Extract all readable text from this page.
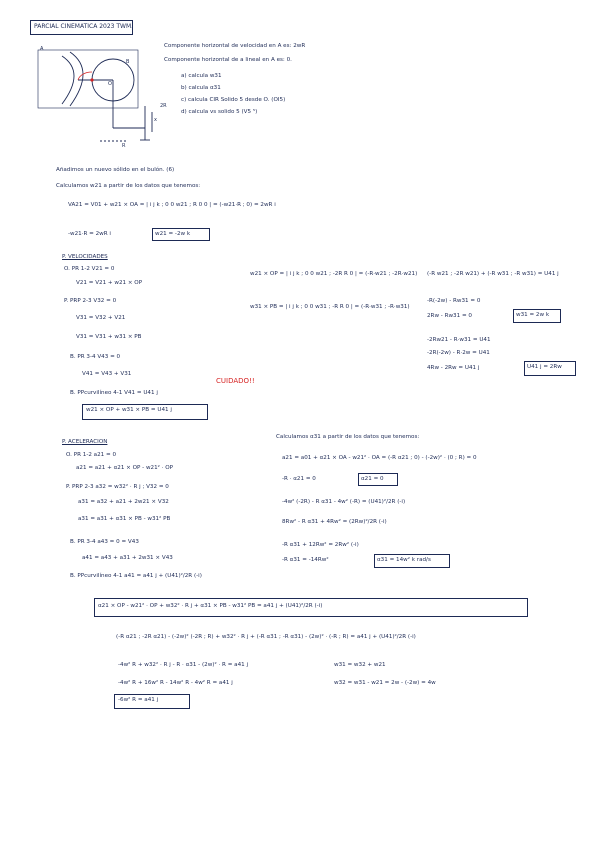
PARCIAL CINEMATICA 2023 TWM.
A
B
O
x
R
2R
Componente horizontal de velocidad en A es: 2wR
Componente horizontal de a lineal en A es: 0.
a) calcula w31
b) calcula α31
c) calcula CIR Solido 5 desde O. (OI5)
d) calcula vs solido 5 (V5 ⁵)
Añadimos un nuevo sólido en el bulón. (6)
Calculamos w21 a partir de los datos que tenemos:
VA21 = V01 + w21 × OA = | i j k ; 0 0 w21 ; R 0 0 | = (-w21·R ; 0) = 2wR i
-w21·R = 2wR i	w21 = -2w k
P. VELOCIDADES
O. PR 1-2 V21 = 0
V21 = V21 + w21 × OP
P. PRP 2-3 V32 = 0
V31 = V32 + V21
V31 = V31 + w31 × PB
B. PR 3-4 V43 = 0
V41 = V43 + V31
B. PPcurvilíneo 4-1 V41 = U41 j
CUIDADO!!
w21 × OP + w31 × PB = U41 j
w21 × OP = | i j k ; 0 0 w21 ; -2R R 0 | = (-R·w21 ; -2R·w21)
w31 × PB = | i j k ; 0 0 w31 ; -R R 0 | = (-R·w31 ; -R·w31)
(-R w21 ; -2R w21) + (-R w31 ; -R w31) = U41 j
-R(-2w) - Rw31 = 0
2Rw - Rw31 = 0	w31 = 2w k
-2Rw21 - R·w31 = U41
-2R(-2w) - R·2w = U41
4Rw - 2Rw = U41 j	U41 j = 2Rw
P. ACELERACION
O. PR 1-2 a21 = 0
a21 = a21 + α21 × OP - w21² · OP
P. PRP 2-3 a32 = w32² · R j ; V32 = 0
a31 = a32 + a21 + 2w21 × V32
a31 = a31 + α31 × PB - w31² PB
B. PR 3-4 a43 = 0 = V43
a41 = a43 + a31 + 2w31 × V43
B. PPcurvilíneo 4-1 a41 = a41 j + (U41)²/2R (-i)
Calculamos α31 a partir de los datos que tenemos:
a21 = a01 + α21 × OA - w21² · OA = (-R α21 ; 0) - (-2w)² · (0 ; R) = 0
-R · α21 = 0	α21 = 0
-4w² (-2R) - R α31 - 4w² (-R) = (U41)²/2R (-i)
8Rw² - R α31 + 4Rw² = (2Rw)²/2R (-i)
-R α31 + 12Rw² = 2Rw² (-i)
-R α31 = -14Rw²	α31 = 14w² k rad/s
α21 × OP - w21² · OP + w32² · R j + α31 × PB - w31² PB = a41 j + (U41)²/2R (-i)
(-R α21 ; -2R α21) - (-2w)² (-2R ; R) + w32² · R j + (-R α31 ; -R α31) - (2w)² · (-R ; R) = a41 j + (U41)²/2R (-i)
-4w² R + w32² · R j - R · α31 - (2w)² · R = a41 j
-4w² R + 16w² R - 14w² R - 4w² R = a41 j
-6w² R = a41 j
w31 = w32 + w21
w32 = w31 - w21 = 2w - (-2w) = 4w
